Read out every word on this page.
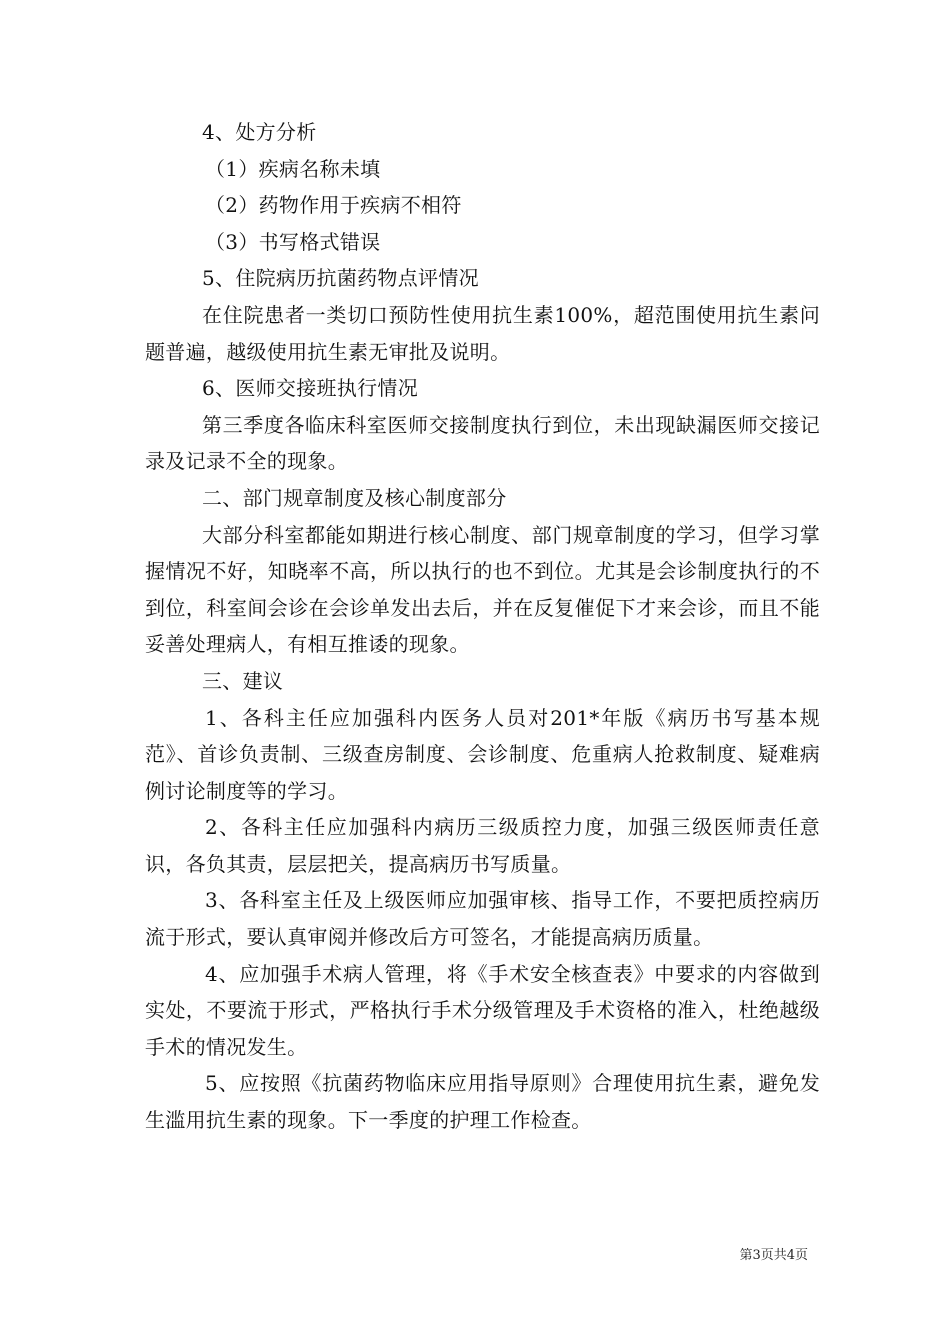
4、处方分析

（1）疾病名称未填

（2）药物作用于疾病不相符

（3）书写格式错误

5、住院病历抗菌药物点评情况

在住院患者一类切口预防性使用抗生素100%，超范围使用抗生素问题普遍，越级使用抗生素无审批及说明。

6、医师交接班执行情况

第三季度各临床科室医师交接制度执行到位，未出现缺漏医师交接记录及记录不全的现象。

二、部门规章制度及核心制度部分

大部分科室都能如期进行核心制度、部门规章制度的学习，但学习掌握情况不好，知晓率不高，所以执行的也不到位。尤其是会诊制度执行的不到位，科室间会诊在会诊单发出去后，并在反复催促下才来会诊，而且不能妥善处理病人，有相互推诿的现象。

三、建议

1、各科主任应加强科内医务人员对201*年版《病历书写基本规范》、首诊负责制、三级查房制度、会诊制度、危重病人抢救制度、疑难病例讨论制度等的学习。

2、各科主任应加强科内病历三级质控力度，加强三级医师责任意识，各负其责，层层把关，提高病历书写质量。

3、各科室主任及上级医师应加强审核、指导工作，不要把质控病历流于形式，要认真审阅并修改后方可签名，才能提高病历质量。

4、应加强手术病人管理，将《手术安全核查表》中要求的内容做到实处，不要流于形式，严格执行手术分级管理及手术资格的准入，杜绝越级手术的情况发生。

5、应按照《抗菌药物临床应用指导原则》合理使用抗生素，避免发生滥用抗生素的现象。下一季度的护理工作检查。

第3页共4页
